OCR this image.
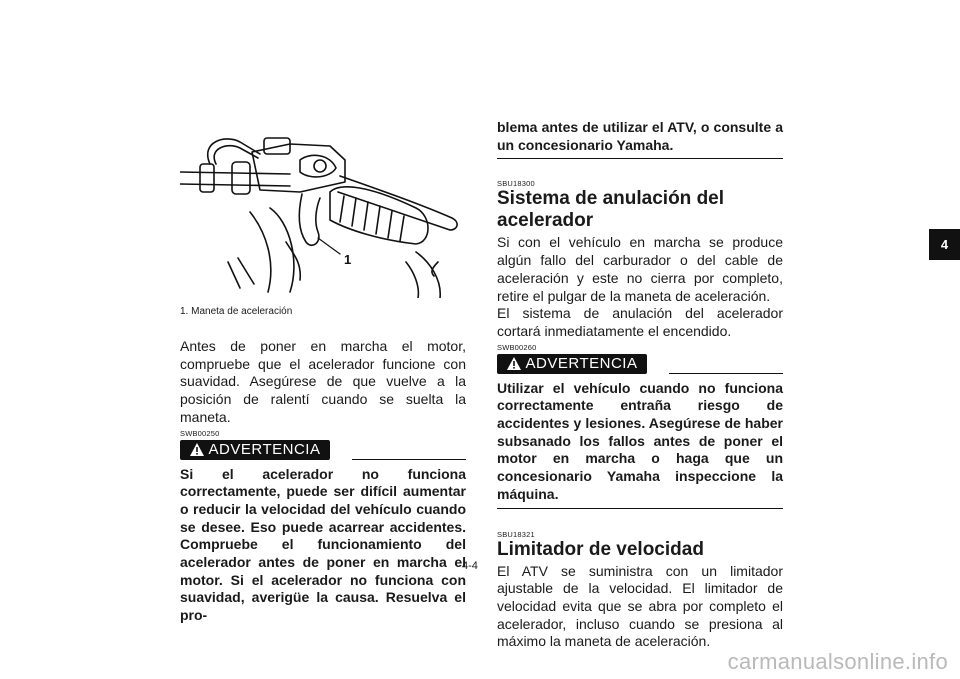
1
1. Maneta de aceleración

Antes de poner en marcha el motor, compruebe que el acelerador funcione con suavidad. Asegúrese de que vuelve a la posición de ralentí cuando se suelta la maneta.

SWB00250

ADVERTENCIA

Si el acelerador no funciona correctamente, puede ser difícil aumentar o reducir la velocidad del vehículo cuando se desee. Eso puede acarrear accidentes. Compruebe el funcionamiento del acelerador antes de poner en marcha el motor. Si el acelerador no funciona con suavidad, averigüe la causa. Resuelva el pro-

blema antes de utilizar el ATV, o consulte a un concesionario Yamaha.

SBU18300

Sistema de anulación del acelerador

Si con el vehículo en marcha se produce algún fallo del carburador o del cable de aceleración y este no cierra por completo, retire el pulgar de la maneta de aceleración.
El sistema de anulación del acelerador cortará inmediatamente el encendido.

SWB00260

ADVERTENCIA

Utilizar el vehículo cuando no funciona correctamente entraña riesgo de accidentes y lesiones. Asegúrese de haber subsanado los fallos antes de poner el motor en marcha o haga que un concesionario Yamaha inspeccione la máquina.

SBU18321

Limitador de velocidad

El ATV se suministra con un limitador ajustable de la velocidad. El limitador de velocidad evita que se abra por completo el acelerador, incluso cuando se presiona al máximo la maneta de aceleración.

4
4-4
carmanualsonline.info
